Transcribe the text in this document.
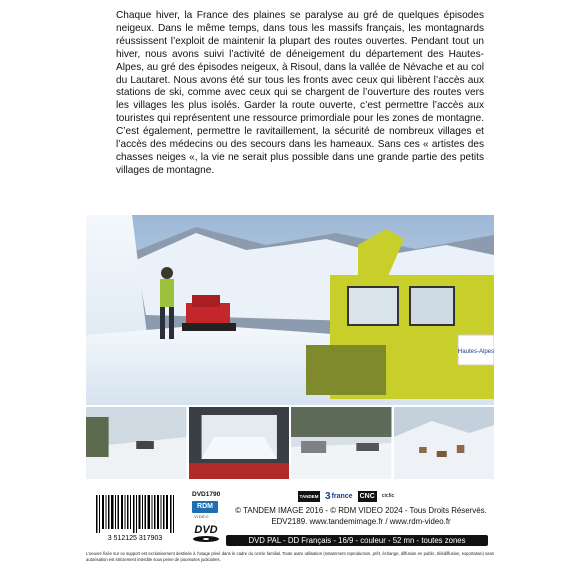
Chaque hiver, la France des plaines se paralyse au gré de quelques épisodes neigeux. Dans le même temps, dans tous les massifs français, les montagnards réussissent l’exploit de maintenir la plupart des routes ouvertes. Pendant tout un hiver, nous avons suivi l’activité de déneigement du département des Hautes-Alpes, au gré des épisodes neigeux, à Risoul, dans la vallée de Névache et au col du Lautaret. Nous avons été sur tous les fronts avec ceux qui libèrent l’accès aux stations de ski, comme avec ceux qui se chargent de l’ouverture des routes vers les villages les plus isolés. Garder la route ouverte, c’est permettre l’accès aux touristes qui représentent une ressource primordiale pour les zones de montagne. C’est également, permettre le ravitaillement, la sécurité de nombreux villages et l’accès des médecins ou des secours dans les hameaux. Sans ces « artistes des chasses neiges «, la vie ne serait plus possible dans une grande partie des petits villages de montagne.

Hautes-Alpes
3 512125 317903
DVD1790
RDM
VIDÉO
DVD
TANDEM 3 france CNC	ciclic
© TANDEM IMAGE 2016 - © RDM VIDEO 2024 - Tous Droits Réservés.
EDV2189. www.tandemimage.fr / www.rdm-video.fr
DVD PAL - DD Français - 16/9 - couleur - 52 mn - toutes zones

L’oeuvre fixée sur ce support est exclusivement destinée à l’usage privé dans le cadre du cercle familial. Toute autre utilisation (notamment reproduction, prêt, échange, diffusion en public, télédiffusion, exportation) sans autorisation est strictement interdite sous peine de poursuites judiciaires.
